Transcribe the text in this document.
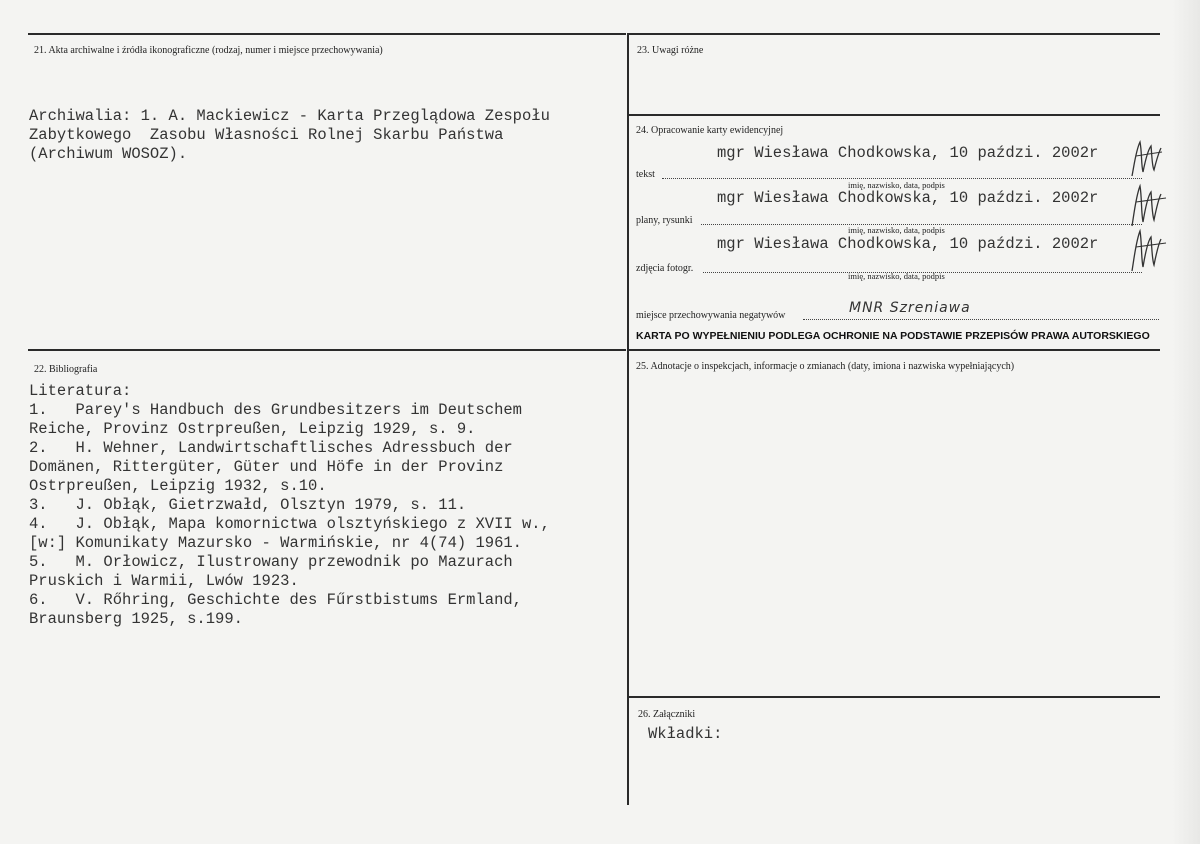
21. Akta archiwalne i źródła ikonograficzne (rodzaj, numer i miejsce przechowywania)
Archiwalia: 1. A. Mackiewicz - Karta Przeglądowa Zespołu
Zabytkowego  Zasobu Własności Rolnej Skarbu Państwa
(Archiwum WOSOZ).
22. Bibliografia
Literatura:
1.   Parey's Handbuch des Grundbesitzers im Deutschem
Reiche, Provinz Ostrpreußen, Leipzig 1929, s. 9.
2.   H. Wehner, Landwirtschaftlisches Adressbuch der
Domänen, Rittergüter, Güter und Höfe in der Provinz
Ostrpreußen, Leipzig 1932, s.10.
3.   J. Obłąk, Gietrzwałd, Olsztyn 1979, s. 11.
4.   J. Obłąk, Mapa komornictwa olsztyńskiego z XVII w.,
[w:] Komunikaty Mazursko - Warmińskie, nr 4(74) 1961.
5.   M. Orłowicz, Ilustrowany przewodnik po Mazurach
Pruskich i Warmii, Lwów 1923.
6.   V. Rőhring, Geschichte des Fűrstbistums Ermland,
Braunsberg 1925, s.199.
23. Uwagi różne
24. Opracowanie karty ewidencyjnej
mgr Wiesława Chodkowska, 10 paździ. 2002r
tekst
imię, nazwisko, data, podpis
mgr Wiesława Chodkowska, 10 paździ. 2002r
plany, rysunki
imię, nazwisko, data, podpis
mgr Wiesława Chodkowska, 10 paździ. 2002r
zdjęcia fotogr.
imię, nazwisko, data, podpis
miejsce przechowywania negatywów	MNR Szreniawa
KARTA PO WYPEŁNIENIU PODLEGA OCHRONIE NA PODSTAWIE PRZEPISÓW PRAWA AUTORSKIEGO
25. Adnotacje o inspekcjach, informacje o zmianach (daty, imiona i nazwiska wypełniających)
26. Załączniki
Wkładki:
